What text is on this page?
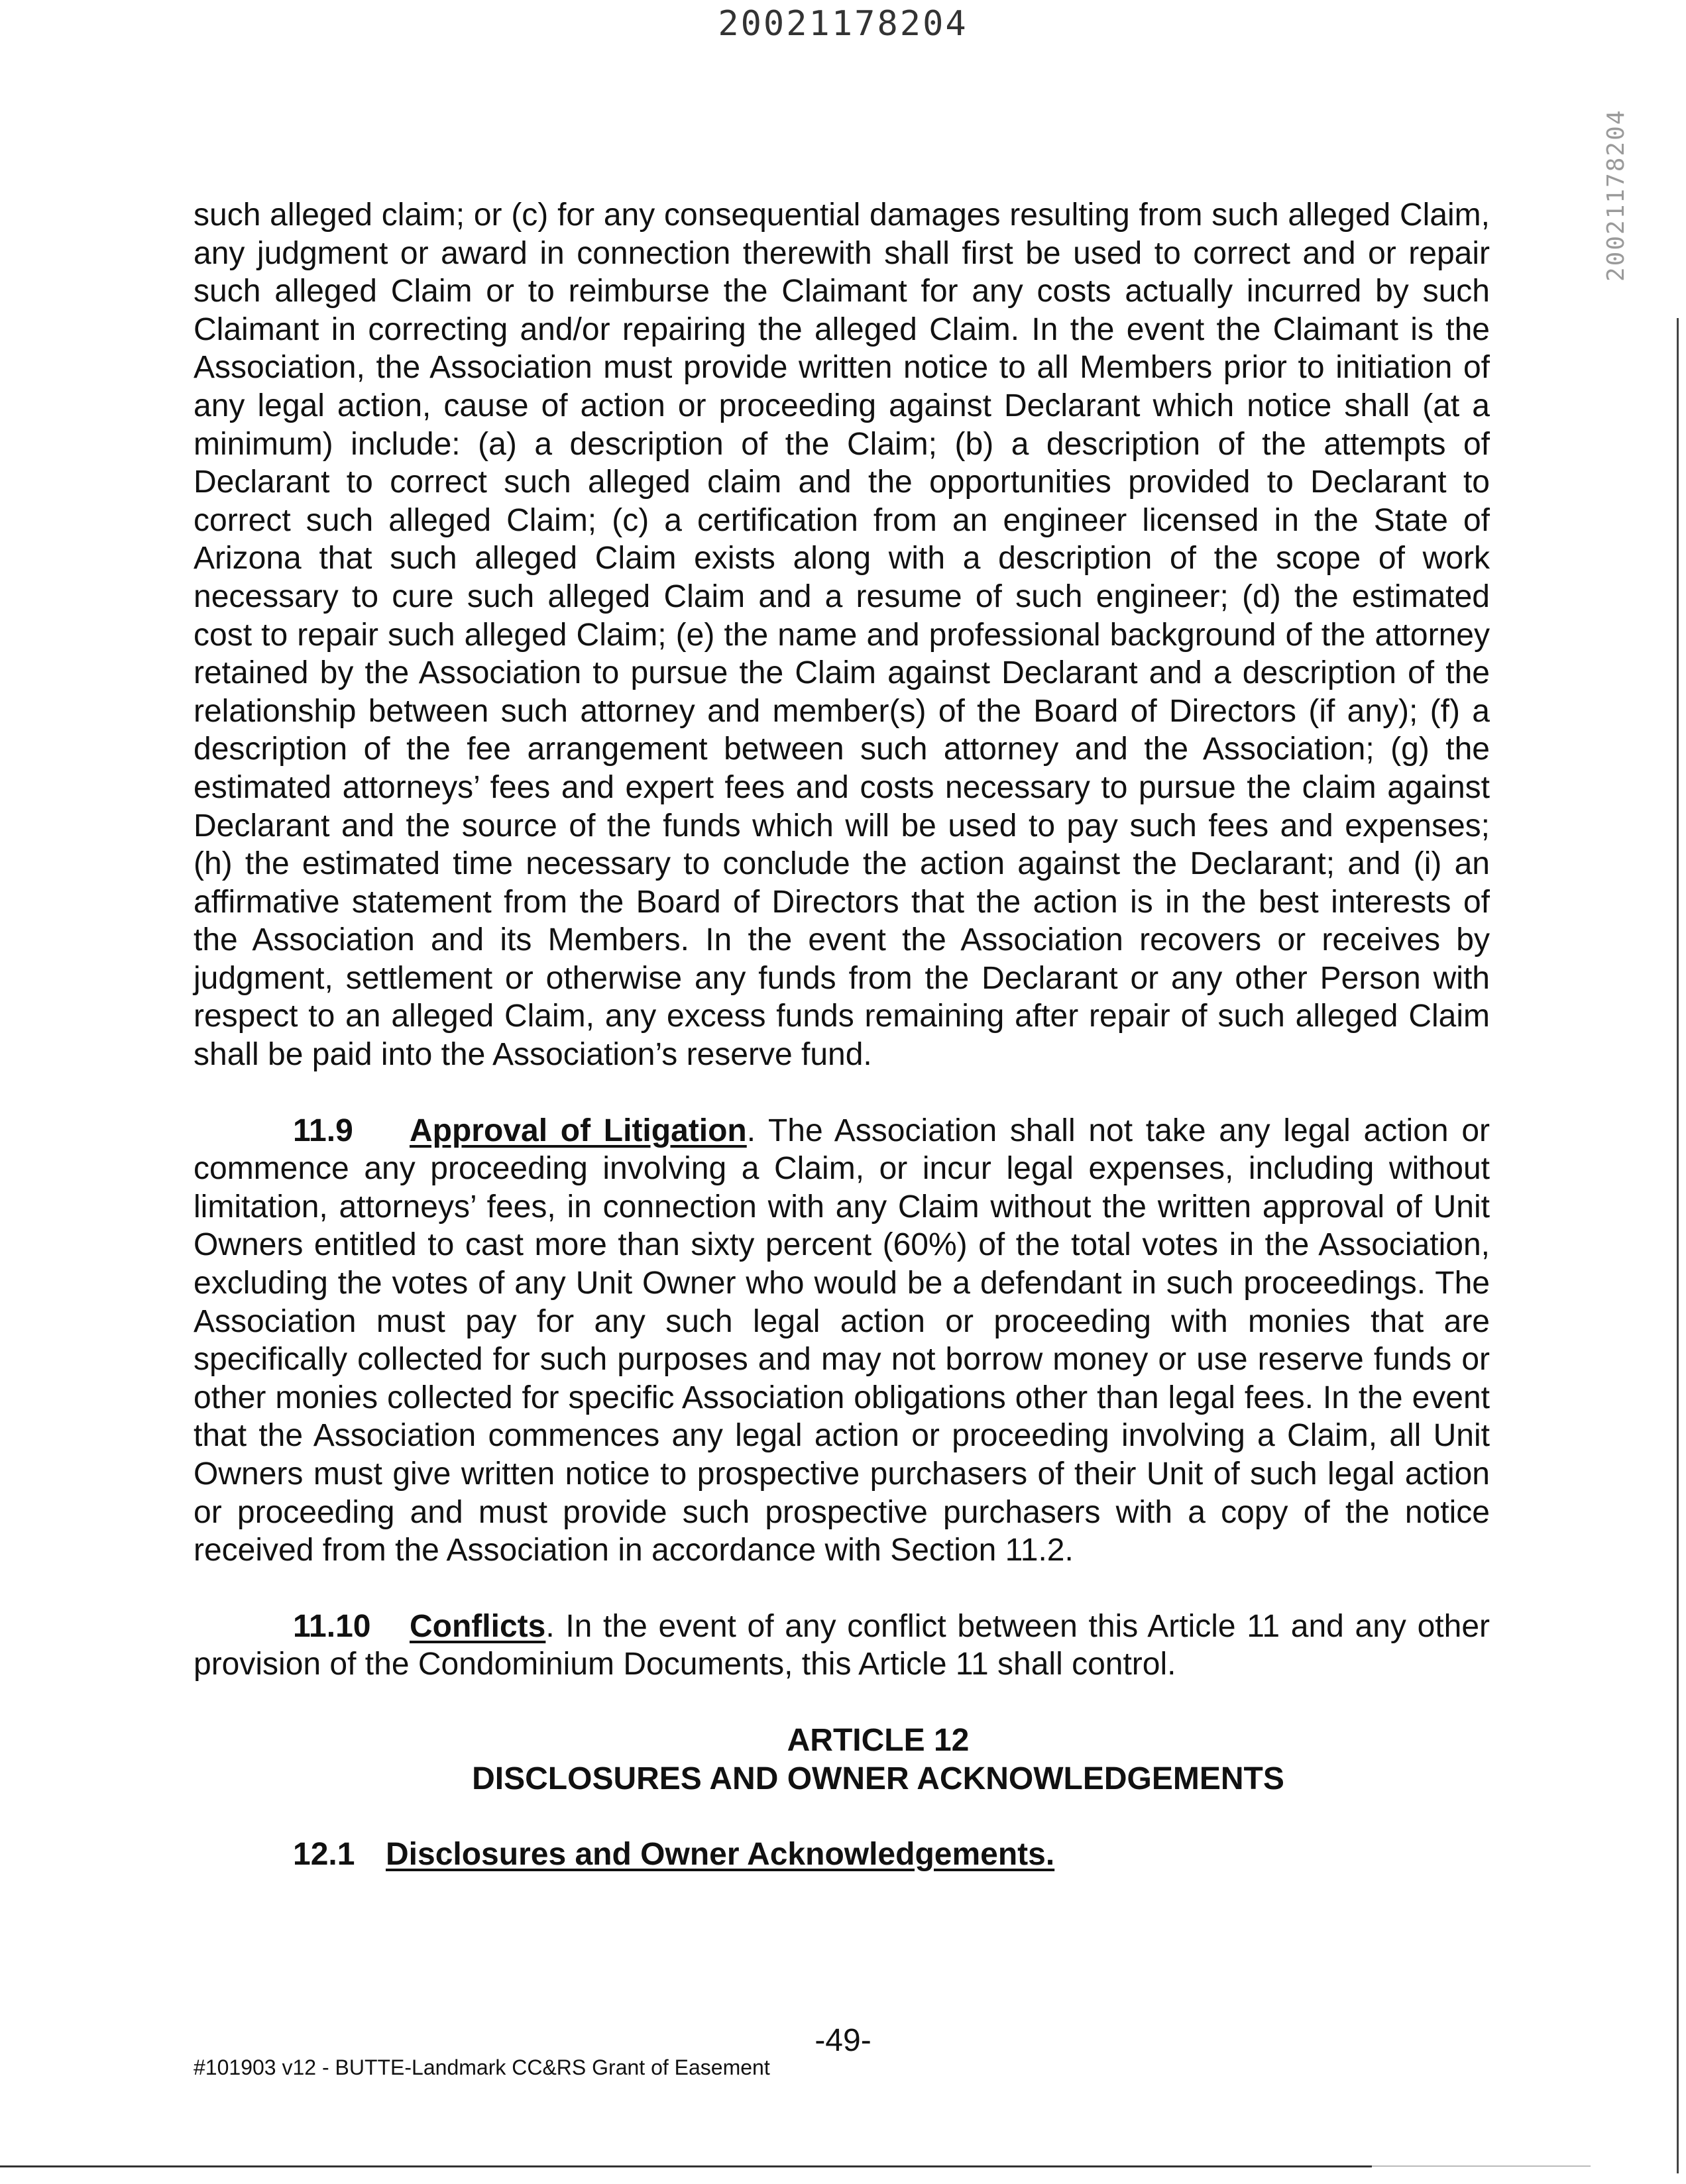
20021178204
20021178204

such alleged claim; or (c) for any consequential damages resulting from such alleged Claim, any judgment or award in connection therewith shall first be used to correct and or repair such alleged Claim or to reimburse the Claimant for any costs actually incurred by such Claimant in correcting and/or repairing the alleged Claim. In the event the Claimant is the Association, the Association must provide written notice to all Members prior to initiation of any legal action, cause of action or proceeding against Declarant which notice shall (at a minimum) include: (a) a description of the Claim; (b) a description of the attempts of Declarant to correct such alleged claim and the opportunities provided to Declarant to correct such alleged Claim; (c) a certification from an engineer licensed in the State of Arizona that such alleged Claim exists along with a description of the scope of work necessary to cure such alleged Claim and a resume of such engineer; (d) the estimated cost to repair such alleged Claim; (e) the name and professional background of the attorney retained by the Association to pursue the Claim against Declarant and a description of the relationship between such attorney and member(s) of the Board of Directors (if any); (f) a description of the fee arrangement between such attorney and the Association; (g) the estimated attorneys’ fees and expert fees and costs necessary to pursue the claim against Declarant and the source of the funds which will be used to pay such fees and expenses; (h) the estimated time necessary to conclude the action against the Declarant; and (i) an affirmative statement from the Board of Directors that the action is in the best interests of the Association and its Members. In the event the Association recovers or receives by judgment, settlement or otherwise any funds from the Declarant or any other Person with respect to an alleged Claim, any excess funds remaining after repair of such alleged Claim shall be paid into the Association’s reserve fund.

11.9 Approval of Litigation. The Association shall not take any legal action or commence any proceeding involving a Claim, or incur legal expenses, including without limitation, attorneys’ fees, in connection with any Claim without the written approval of Unit Owners entitled to cast more than sixty percent (60%) of the total votes in the Association, excluding the votes of any Unit Owner who would be a defendant in such proceedings. The Association must pay for any such legal action or proceeding with monies that are specifically collected for such purposes and may not borrow money or use reserve funds or other monies collected for specific Association obligations other than legal fees. In the event that the Association commences any legal action or proceeding involving a Claim, all Unit Owners must give written notice to prospective purchasers of their Unit of such legal action or proceeding and must provide such prospective purchasers with a copy of the notice received from the Association in accordance with Section 11.2.

11.10 Conflicts. In the event of any conflict between this Article 11 and any other provision of the Condominium Documents, this Article 11 shall control.

ARTICLE 12
DISCLOSURES AND OWNER ACKNOWLEDGEMENTS
12.1 Disclosures and Owner Acknowledgements.
-49-
#101903 v12 - BUTTE-Landmark CC&RS Grant of Easement
